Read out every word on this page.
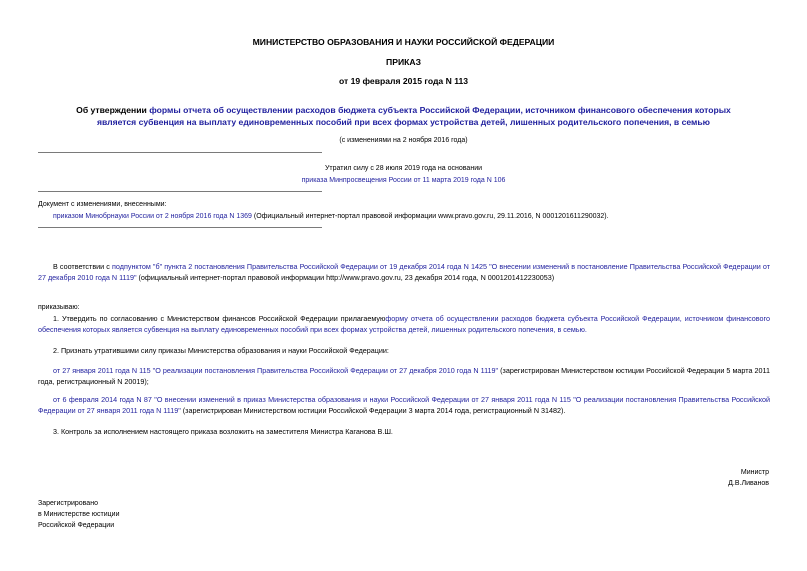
МИНИСТЕРСТВО ОБРАЗОВАНИЯ И НАУКИ РОССИЙСКОЙ ФЕДЕРАЦИИ
ПРИКАЗ
от 19 февраля 2015 года N 113
Об утверждении формы отчета об осуществлении расходов бюджета субъекта Российской Федерации, источником финансового обеспечения которых является субвенция на выплату единовременных пособий при всех формах устройства детей, лишенных родительского попечения, в семью
(с изменениями на 2 ноября 2016 года)
Утратил силу с 28 июля 2019 года на основании
приказа Минпросвещения России от 11 марта 2019 года N 106
Документ с изменениями, внесенными:
приказом Минобрнауки России от 2 ноября 2016 года N 1369 (Официальный интернет-портал правовой информации www.pravo.gov.ru, 29.11.2016, N 0001201611290032).
В соответствии с подпунктом "б" пункта 2 постановления Правительства Российской Федерации от 19 декабря 2014 года N 1425 "О внесении изменений в постановление Правительства Российской Федерации от 27 декабря 2010 года N 1119" (официальный интернет-портал правовой информации http://www.pravo.gov.ru, 23 декабря 2014 года, N 0001201412230053)
приказываю:
1. Утвердить по согласованию с Министерством финансов Российской Федерации прилагаемуюформу отчета об осуществлении расходов бюджета субъекта Российской Федерации, источником финансового обеспечения которых является субвенция на выплату единовременных пособий при всех формах устройства детей, лишенных родительского попечения, в семью.
2. Признать утратившими силу приказы Министерства образования и науки Российской Федерации:
от 27 января 2011 года N 115 "О реализации постановления Правительства Российской Федерации от 27 декабря 2010 года N 1119" (зарегистрирован Министерством юстиции Российской Федерации 5 марта 2011 года, регистрационный N 20019);
от 6 февраля 2014 года N 87 "О внесении изменений в приказ Министерства образования и науки Российской Федерации от 27 января 2011 года N 115 "О реализации постановления Правительства Российской Федерации от 27 января 2011 года N 1119" (зарегистрирован Министерством юстиции Российской Федерации 3 марта 2014 года, регистрационный N 31482).
3. Контроль за исполнением настоящего приказа возложить на заместителя Министра Каганова В.Ш.
Министр
Д.В.Ливанов
Зарегистрировано
в Министерстве юстиции
Российской Федерации
